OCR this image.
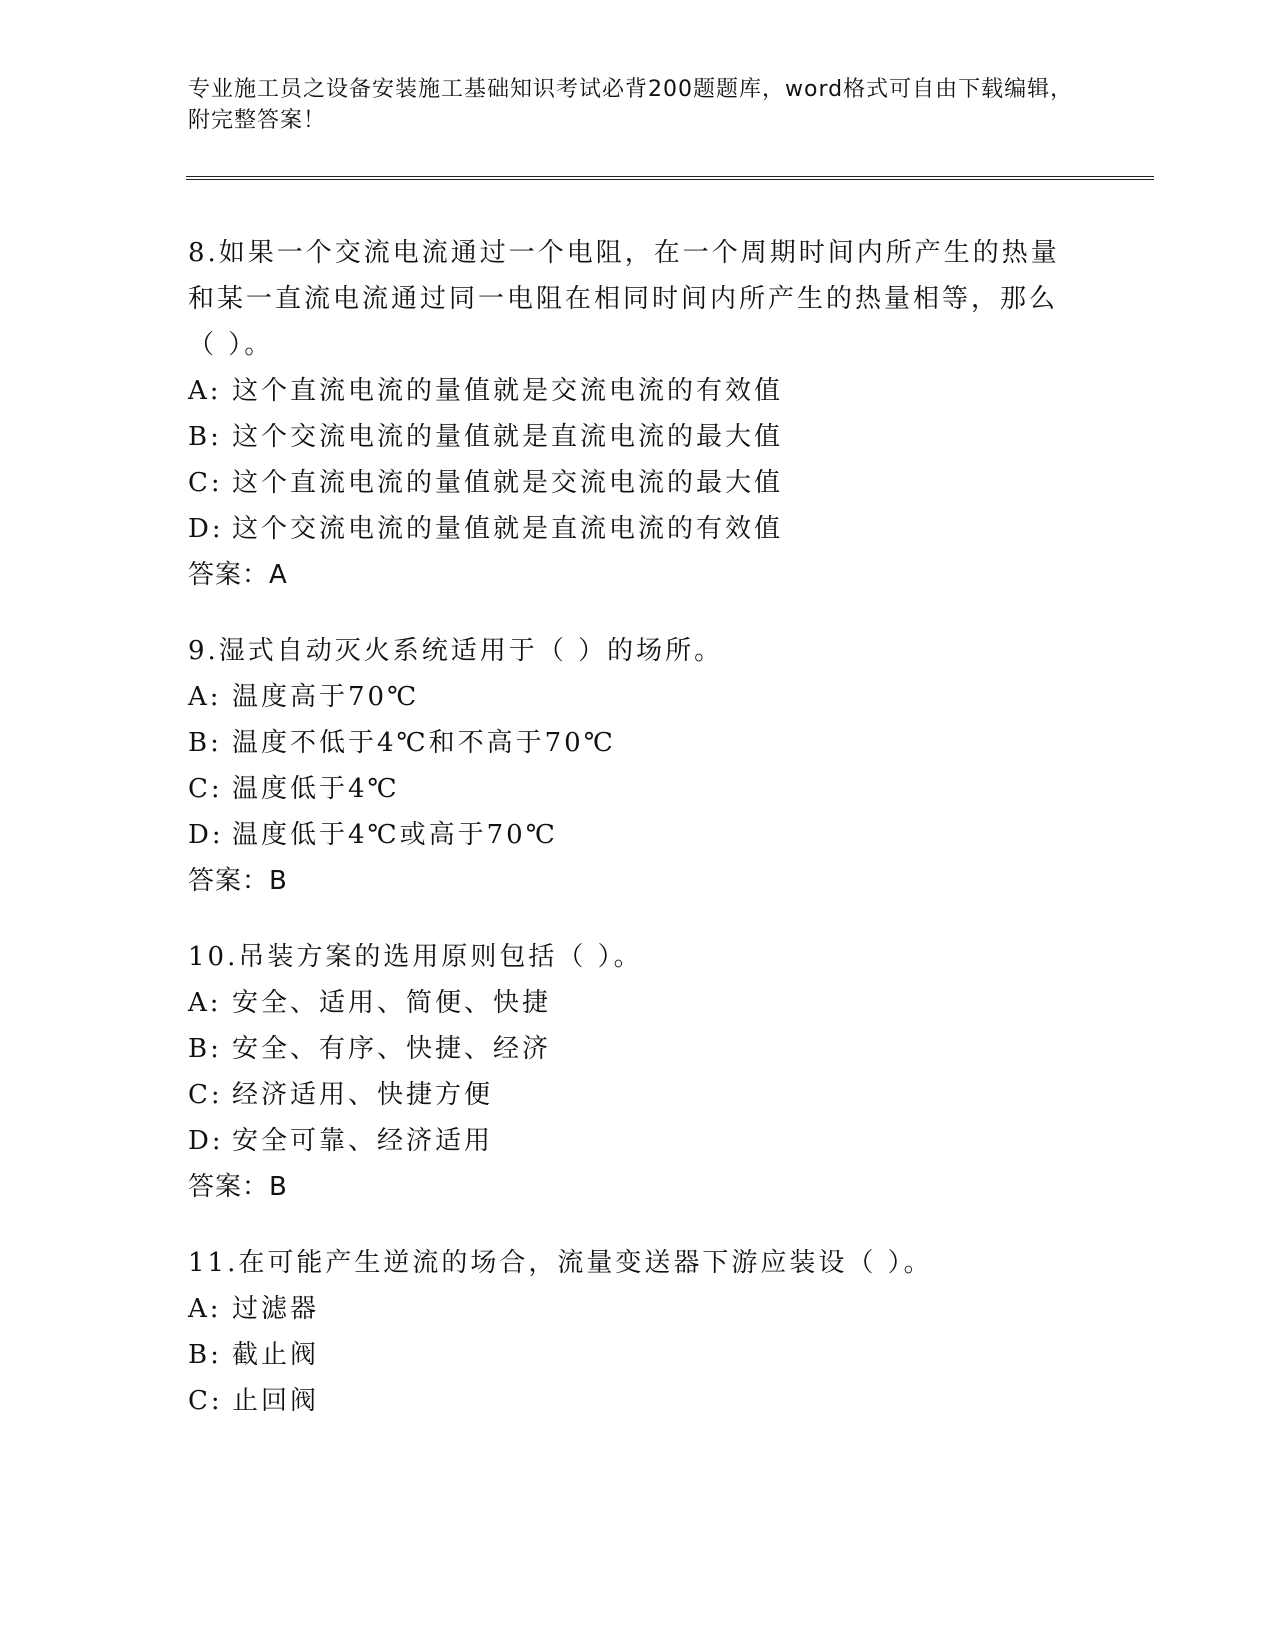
专业施工员之设备安装施工基础知识考试必背200题题库，word格式可自由下载编辑，附完整答案！

8.如果一个交流电流通过一个电阻，在一个周期时间内所产生的热量和某一直流电流通过同一电阻在相同时间内所产生的热量相等，那么（ ）。

A: 这个直流电流的量值就是交流电流的有效值

B: 这个交流电流的量值就是直流电流的最大值

C: 这个直流电流的量值就是交流电流的最大值

D: 这个交流电流的量值就是直流电流的有效值

答案：A

9.湿式自动灭火系统适用于（ ）的场所。

A: 温度高于70℃

B: 温度不低于4℃和不高于70℃

C: 温度低于4℃

D: 温度低于4℃或高于70℃

答案：B

10.吊装方案的选用原则包括（ ）。

A: 安全、适用、简便、快捷

B: 安全、有序、快捷、经济

C: 经济适用、快捷方便

D: 安全可靠、经济适用

答案：B

11.在可能产生逆流的场合，流量变送器下游应装设（ ）。

A: 过滤器

B: 截止阀

C: 止回阀
